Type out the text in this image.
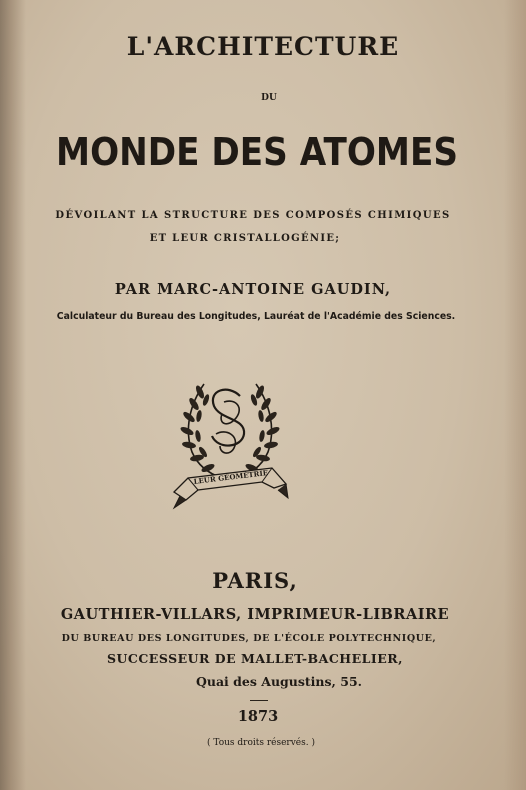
L'ARCHITECTURE
DU
MONDE DES ATOMES
DÉVOILANT LA STRUCTURE DES COMPOSÉS CHIMIQUES
ET LEUR CRISTALLOGÉNIE;
PAR MARC-ANTOINE GAUDIN,
Calculateur du Bureau des Longitudes, Lauréat de l'Académie des Sciences.
LEUR GÉOMÉTRIE
PARIS,
GAUTHIER-VILLARS, IMPRIMEUR-LIBRAIRE
DU BUREAU DES LONGITUDES, DE L'ÉCOLE POLYTECHNIQUE,
SUCCESSEUR DE MALLET-BACHELIER,
Quai des Augustins, 55.
1873
( Tous droits réservés. )
